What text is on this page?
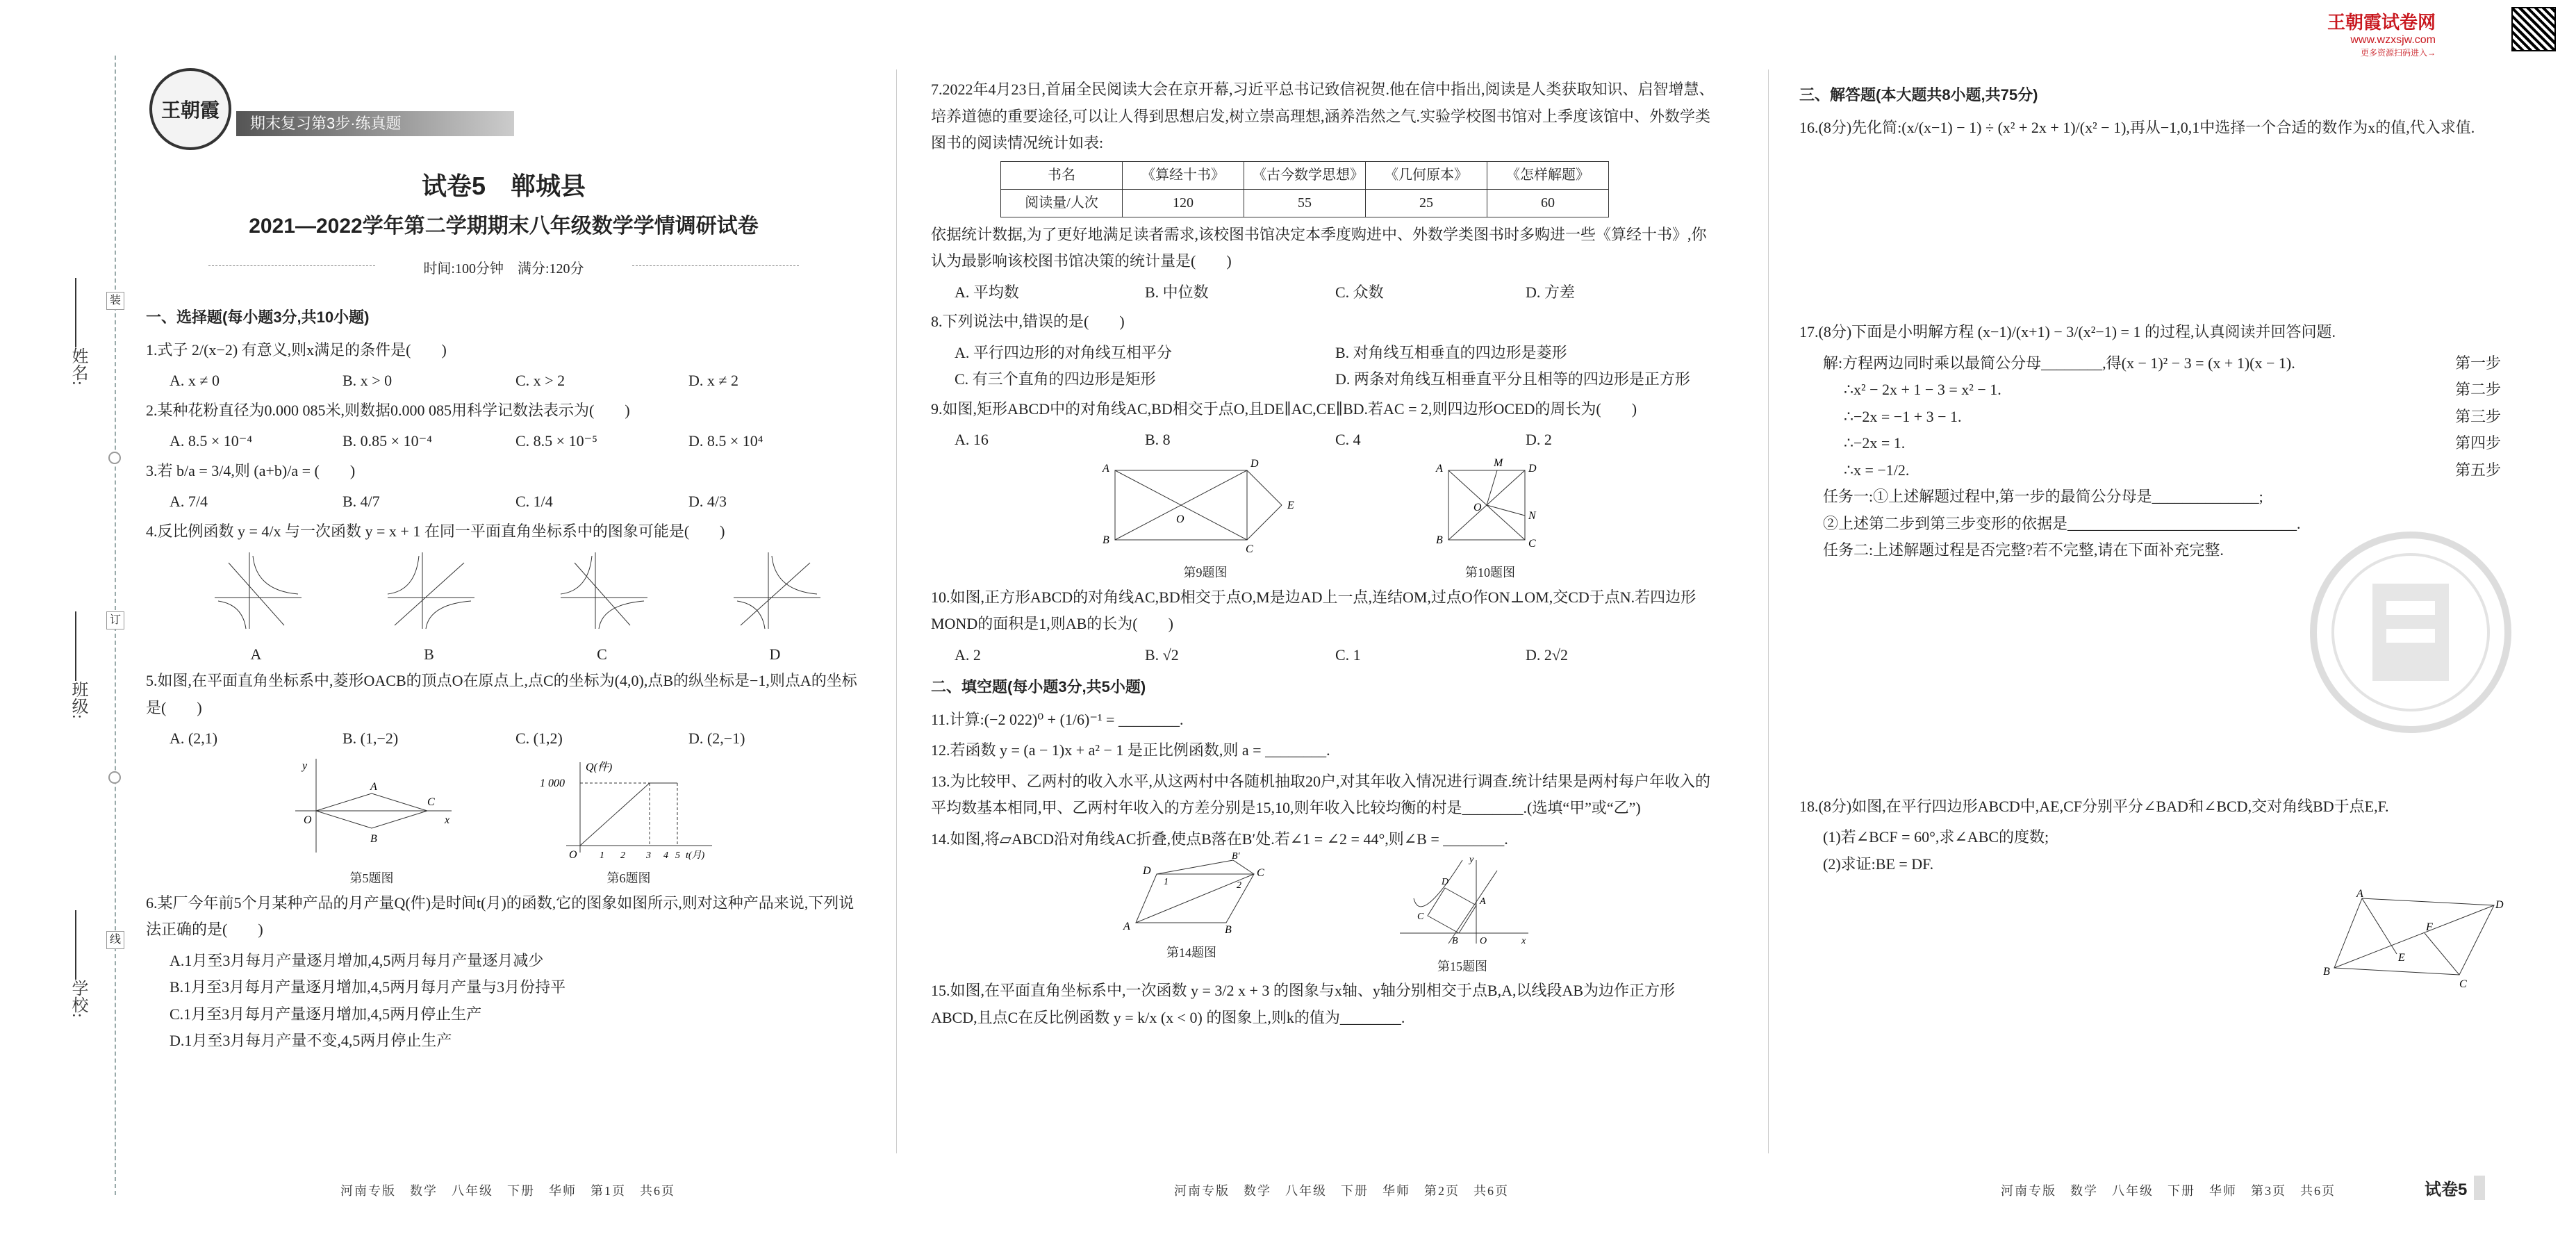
王朝霞试卷网
www.wzxsjw.com
更多资源扫码进入→
姓名:
班级:
学校:
装
订
线
王朝霞
期末复习第3步·练真题
试卷5　郸城县
2021—2022学年第二学期期末八年级数学学情调研试卷
时间:100分钟　满分:120分
一、选择题(每小题3分,共10小题)
1.式子 2/(x−2) 有意义,则x满足的条件是(　　)
A. x ≠ 0	B. x > 0	C. x > 2	D. x ≠ 2
2.某种花粉直径为0.000 085米,则数据0.000 085用科学记数法表示为(　　)
A. 8.5 × 10⁻⁴	B. 0.85 × 10⁻⁴	C. 8.5 × 10⁻⁵	D. 8.5 × 10⁴
3.若 b/a = 3/4,则 (a+b)/a = (　　)
A. 7/4	B. 4/7	C. 1/4	D. 4/3
4.反比例函数 y = 4/x 与一次函数 y = x + 1 在同一平面直角坐标系中的图象可能是(　　)
A	B	C	D
5.如图,在平面直角坐标系中,菱形OACB的顶点O在原点上,点C的坐标为(4,0),点B的纵坐标是−1,则点A的坐标是(　　)
A. (2,1)	B. (1,−2)	C. (1,2)	D. (2,−1)
y
x
O
A
C
B
第5题图
Q(件)
1 000
O 1 2 3 4 5 t(月)
第6题图
6.某厂今年前5个月某种产品的月产量Q(件)是时间t(月)的函数,它的图象如图所示,则对这种产品来说,下列说法正确的是(　　)
A.1月至3月每月产量逐月增加,4,5两月每月产量逐月减少
B.1月至3月每月产量逐月增加,4,5两月每月产量与3月份持平
C.1月至3月每月产量逐月增加,4,5两月停止生产
D.1月至3月每月产量不变,4,5两月停止生产
7.2022年4月23日,首届全民阅读大会在京开幕,习近平总书记致信祝贺.他在信中指出,阅读是人类获取知识、启智增慧、培养道德的重要途径,可以让人得到思想启发,树立崇高理想,涵养浩然之气.实验学校图书馆对上季度该馆中、外数学类图书的阅读情况统计如表:
书名	《算经十书》	《古今数学思想》	《几何原本》	《怎样解题》
阅读量/人次	120	55	25	60
依据统计数据,为了更好地满足读者需求,该校图书馆决定本季度购进中、外数学类图书时多购进一些《算经十书》,你认为最影响该校图书馆决策的统计量是(　　)
A. 平均数	B. 中位数	C. 众数	D. 方差
8.下列说法中,错误的是(　　)
A. 平行四边形的对角线互相平分	B. 对角线互相垂直的四边形是菱形
C. 有三个直角的四边形是矩形	D. 两条对角线互相垂直平分且相等的四边形是正方形
9.如图,矩形ABCD中的对角线AC,BD相交于点O,且DE∥AC,CE∥BD.若AC = 2,则四边形OCED的周长为(　　)
A. 16	B. 8	C. 4	D. 2
A	D
B
C
O
E
第9题图
A	D
M
N
B	C
O
第10题图
10.如图,正方形ABCD的对角线AC,BD相交于点O,M是边AD上一点,连结OM,过点O作ON⊥OM,交CD于点N.若四边形MOND的面积是1,则AB的长为(　　)
A. 2	B. √2	C. 1	D. 2√2
二、填空题(每小题3分,共5小题)
11.计算:(−2 022)⁰ + (1/6)⁻¹ = ________.
12.若函数 y = (a − 1)x + a² − 1 是正比例函数,则 a = ________.
13.为比较甲、乙两村的收入水平,从这两村中各随机抽取20户,对其年收入情况进行调查.统计结果是两村每户年收入的平均数基本相同,甲、乙两村年收入的方差分别是15,10,则年收入比较均衡的村是________.(选填“甲”或“乙”)
14.如图,将▱ABCD沿对角线AC折叠,使点B落在B′处.若∠1 = ∠2 = 44°,则∠B = ________.
A
D	C
B
B′
1	2
第14题图
y
x
O
A
B
C
D
第15题图
15.如图,在平面直角坐标系中,一次函数 y = 3/2 x + 3 的图象与x轴、y轴分别相交于点B,A,以线段AB为边作正方形ABCD,且点C在反比例函数 y = k/x (x < 0) 的图象上,则k的值为________.
三、解答题(本大题共8小题,共75分)
16.(8分)先化简:(x/(x−1) − 1) ÷ (x² + 2x + 1)/(x² − 1),再从−1,0,1中选择一个合适的数作为x的值,代入求值.
17.(8分)下面是小明解方程 (x−1)/(x+1) − 3/(x²−1) = 1 的过程,认真阅读并回答问题.
解:方程两边同时乘以最简公分母________,得(x − 1)² − 3 = (x + 1)(x − 1).	第一步
∴x² − 2x + 1 − 3 = x² − 1.	第二步
∴−2x = −1 + 3 − 1.	第三步
∴−2x = 1.	第四步
∴x = −1/2.	第五步
任务一:①上述解题过程中,第一步的最简公分母是______________;
②上述第二步到第三步变形的依据是______________________________.
任务二:上述解题过程是否完整?若不完整,请在下面补充完整.
18.(8分)如图,在平行四边形ABCD中,AE,CF分别平分∠BAD和∠BCD,交对角线BD于点E,F.
(1)若∠BCF = 60°,求∠ABC的度数;
(2)求证:BE = DF.
A
D
B
C
E
F
河南专版　数学　八年级　下册　华师　第1页　共6页	河南专版　数学　八年级　下册　华师　第2页　共6页	河南专版　数学　八年级　下册　华师　第3页　共6页	试卷5
